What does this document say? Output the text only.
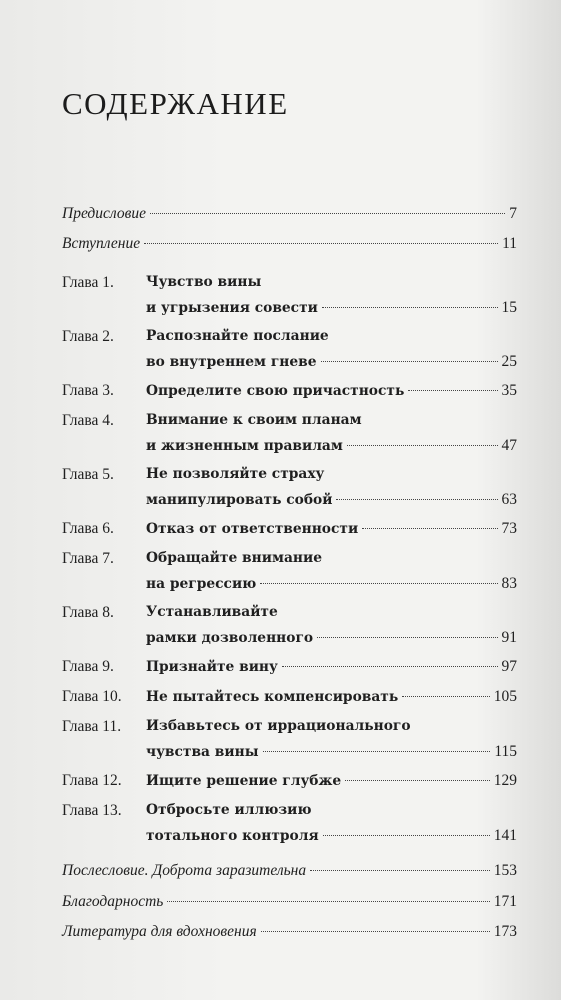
СОДЕРЖАНИЕ
Предисловие	7
Вступление	11
Глава 1. Чувство вины
и угрызения совести	15
Глава 2. Распознайте послание
во внутреннем гневе	25
Глава 3. Определите свою причастность	35
Глава 4. Внимание к своим планам
и жизненным правилам	47
Глава 5. Не позволяйте страху
манипулировать собой	63
Глава 6. Отказ от ответственности	73
Глава 7. Обращайте внимание
на регрессию	83
Глава 8. Устанавливайте
рамки дозволенного	91
Глава 9. Признайте вину	97
Глава 10. Не пытайтесь компенсировать	105
Глава 11. Избавьтесь от иррационального
чувства вины	115
Глава 12. Ищите решение глубже	129
Глава 13. Отбросьте иллюзию
тотального контроля	141
Послесловие. Доброта заразительна	153
Благодарность	171
Литература для вдохновения	173
